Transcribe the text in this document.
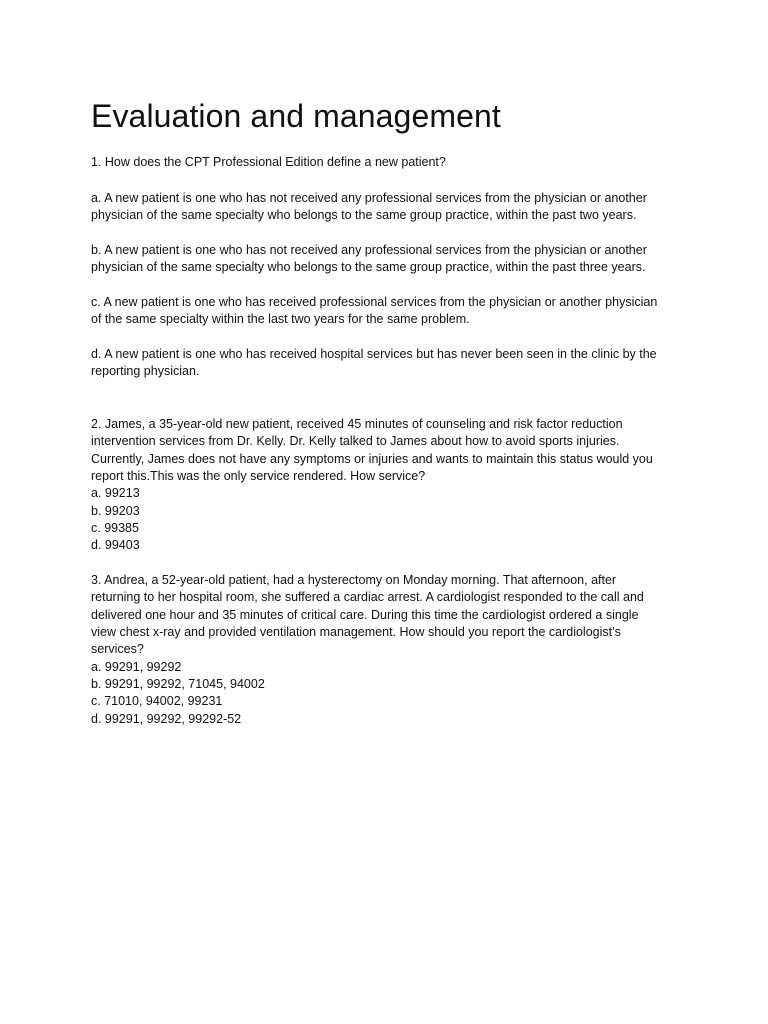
Evaluation and management
1. How does the CPT Professional Edition define a new patient?
a. A new patient is one who has not received any professional services from the physician or another
physician of the same specialty who belongs to the same group practice, within the past two years.
b. A new patient is one who has not received any professional services from the physician or another
physician of the same specialty who belongs to the same group practice, within the past three years.
c. A new patient is one who has received professional services from the physician or another physician
of the same specialty within the last two years for the same problem.
d. A new patient is one who has received hospital services but has never been seen in the clinic by the
reporting physician.
2. James, a 35-year-old new patient, received 45 minutes of counseling and risk factor reduction
intervention services from Dr. Kelly. Dr. Kelly talked to James about how to avoid sports injuries.
Currently, James does not have any symptoms or injuries and wants to maintain this status would you
report this.This was the only service rendered. How service?
a. 99213
b. 99203
c. 99385
d. 99403
3. Andrea, a 52-year-old patient, had a hysterectomy on Monday morning. That afternoon, after
returning to her hospital room, she suffered a cardiac arrest. A cardiologist responded to the call and
delivered one hour and 35 minutes of critical care. During this time the cardiologist ordered a single
view chest x-ray and provided ventilation management. How should you report the cardiologist’s
services?
a. 99291, 99292
b. 99291, 99292, 71045, 94002
c. 71010, 94002, 99231
d. 99291, 99292, 99292-52
